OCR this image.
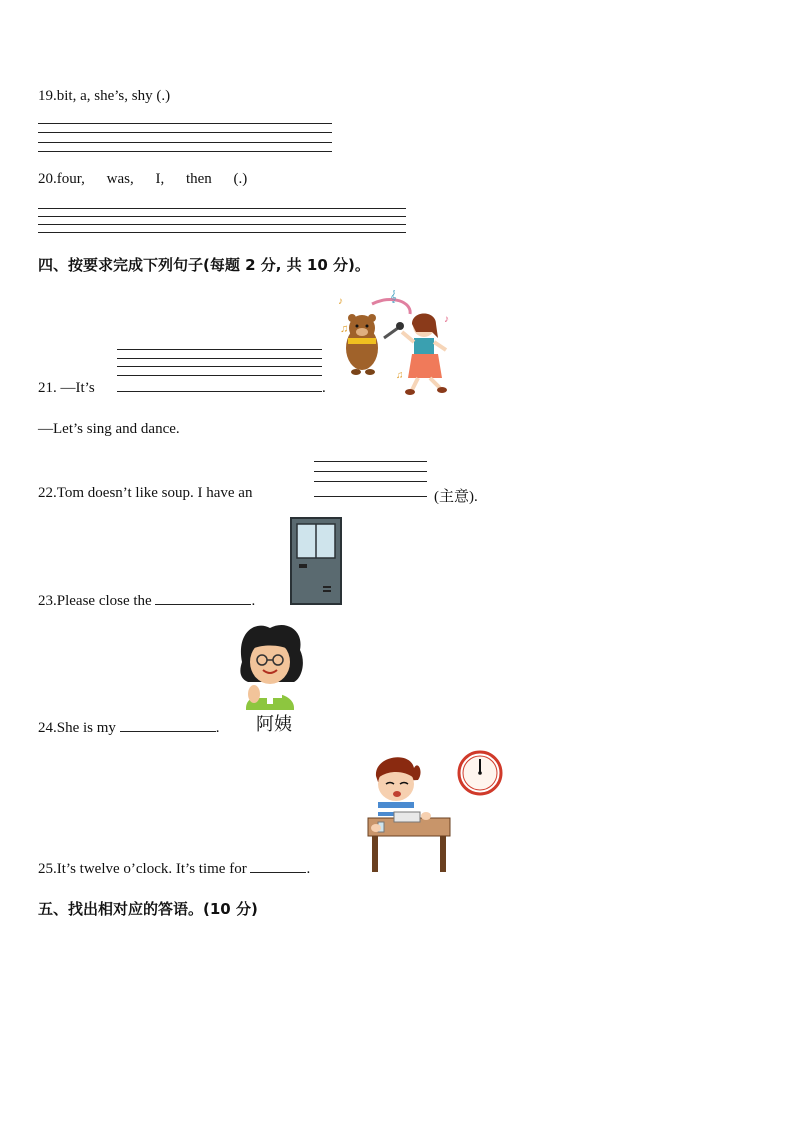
19.bit, a, she’s, shy (.)
20.four, was, I, then (.)
四、按要求完成下列句子(每题 2 分, 共 10 分)。
♪	𝄞
♪
♫
♫
21. —It’s	.
—Let’s sing and dance.
22.Tom doesn’t like soup. I have an	(主意).
23.Please close the	.
阿姨
24.She is my	.
25.It’s twelve o’clock. It’s time for	.
五、找出相对应的答语。(10 分)
